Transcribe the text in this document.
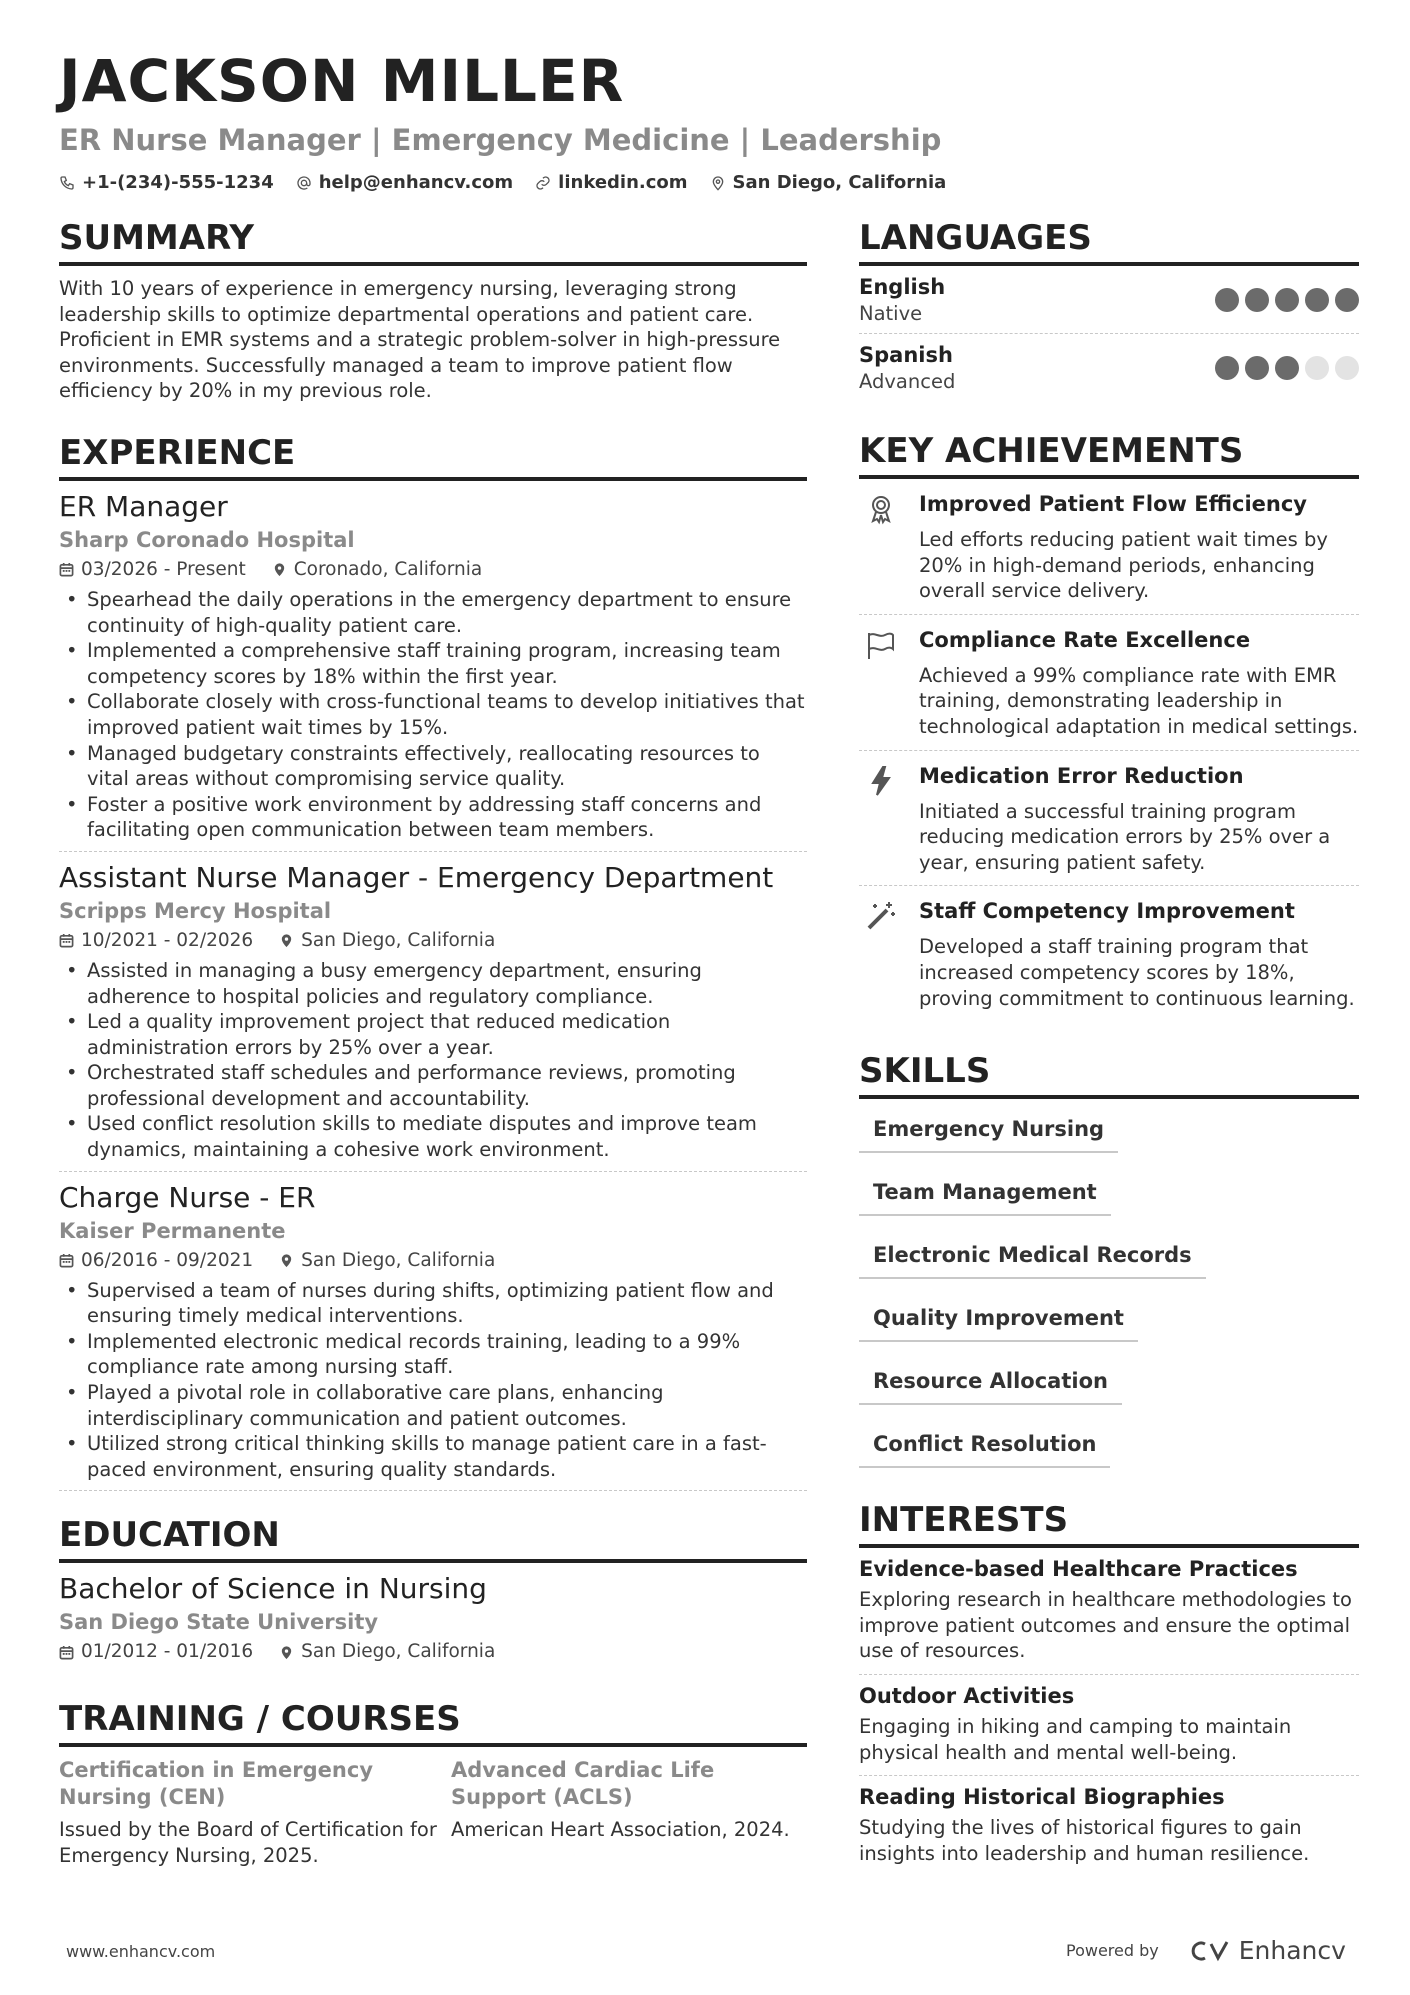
JACKSON MILLER
ER Nurse Manager | Emergency Medicine | Leadership
+1-(234)-555-1234	help@enhancv.com	linkedin.com	San Diego, California
SUMMARY
With 10 years of experience in emergency nursing, leveraging strong leadership skills to optimize departmental operations and patient care. Proficient in EMR systems and a strategic problem-solver in high-pressure environments. Successfully managed a team to improve patient flow efficiency by 20% in my previous role.
EXPERIENCE
ER Manager
Sharp Coronado Hospital
03/2026 - Present	Coronado, California
• Spearhead the daily operations in the emergency department to ensure continuity of high-quality patient care.
• Implemented a comprehensive staff training program, increasing team competency scores by 18% within the first year.
• Collaborate closely with cross-functional teams to develop initiatives that improved patient wait times by 15%.
• Managed budgetary constraints effectively, reallocating resources to vital areas without compromising service quality.
• Foster a positive work environment by addressing staff concerns and facilitating open communication between team members.
Assistant Nurse Manager - Emergency Department
Scripps Mercy Hospital
10/2021 - 02/2026	San Diego, California
• Assisted in managing a busy emergency department, ensuring adherence to hospital policies and regulatory compliance.
• Led a quality improvement project that reduced medication administration errors by 25% over a year.
• Orchestrated staff schedules and performance reviews, promoting professional development and accountability.
• Used conflict resolution skills to mediate disputes and improve team dynamics, maintaining a cohesive work environment.
Charge Nurse - ER
Kaiser Permanente
06/2016 - 09/2021	San Diego, California
• Supervised a team of nurses during shifts, optimizing patient flow and ensuring timely medical interventions.
• Implemented electronic medical records training, leading to a 99% compliance rate among nursing staff.
• Played a pivotal role in collaborative care plans, enhancing interdisciplinary communication and patient outcomes.
• Utilized strong critical thinking skills to manage patient care in a fast-paced environment, ensuring quality standards.
EDUCATION
Bachelor of Science in Nursing
San Diego State University
01/2012 - 01/2016	San Diego, California
TRAINING / COURSES
Certification in Emergency Nursing (CEN)
Issued by the Board of Certification for Emergency Nursing, 2025.
Advanced Cardiac Life Support (ACLS)
American Heart Association, 2024.
LANGUAGES
English
Native
Spanish
Advanced
KEY ACHIEVEMENTS
Improved Patient Flow Efficiency
Led efforts reducing patient wait times by 20% in high-demand periods, enhancing overall service delivery.
Compliance Rate Excellence
Achieved a 99% compliance rate with EMR training, demonstrating leadership in technological adaptation in medical settings.
Medication Error Reduction
Initiated a successful training program reducing medication errors by 25% over a year, ensuring patient safety.
Staff Competency Improvement
Developed a staff training program that increased competency scores by 18%, proving commitment to continuous learning.
SKILLS
Emergency Nursing
Team Management
Electronic Medical Records
Quality Improvement
Resource Allocation
Conflict Resolution
INTERESTS
Evidence-based Healthcare Practices
Exploring research in healthcare methodologies to improve patient outcomes and ensure the optimal use of resources.
Outdoor Activities
Engaging in hiking and camping to maintain physical health and mental well-being.
Reading Historical Biographies
Studying the lives of historical figures to gain insights into leadership and human resilience.
www.enhancv.com	Powered by	Enhancv
